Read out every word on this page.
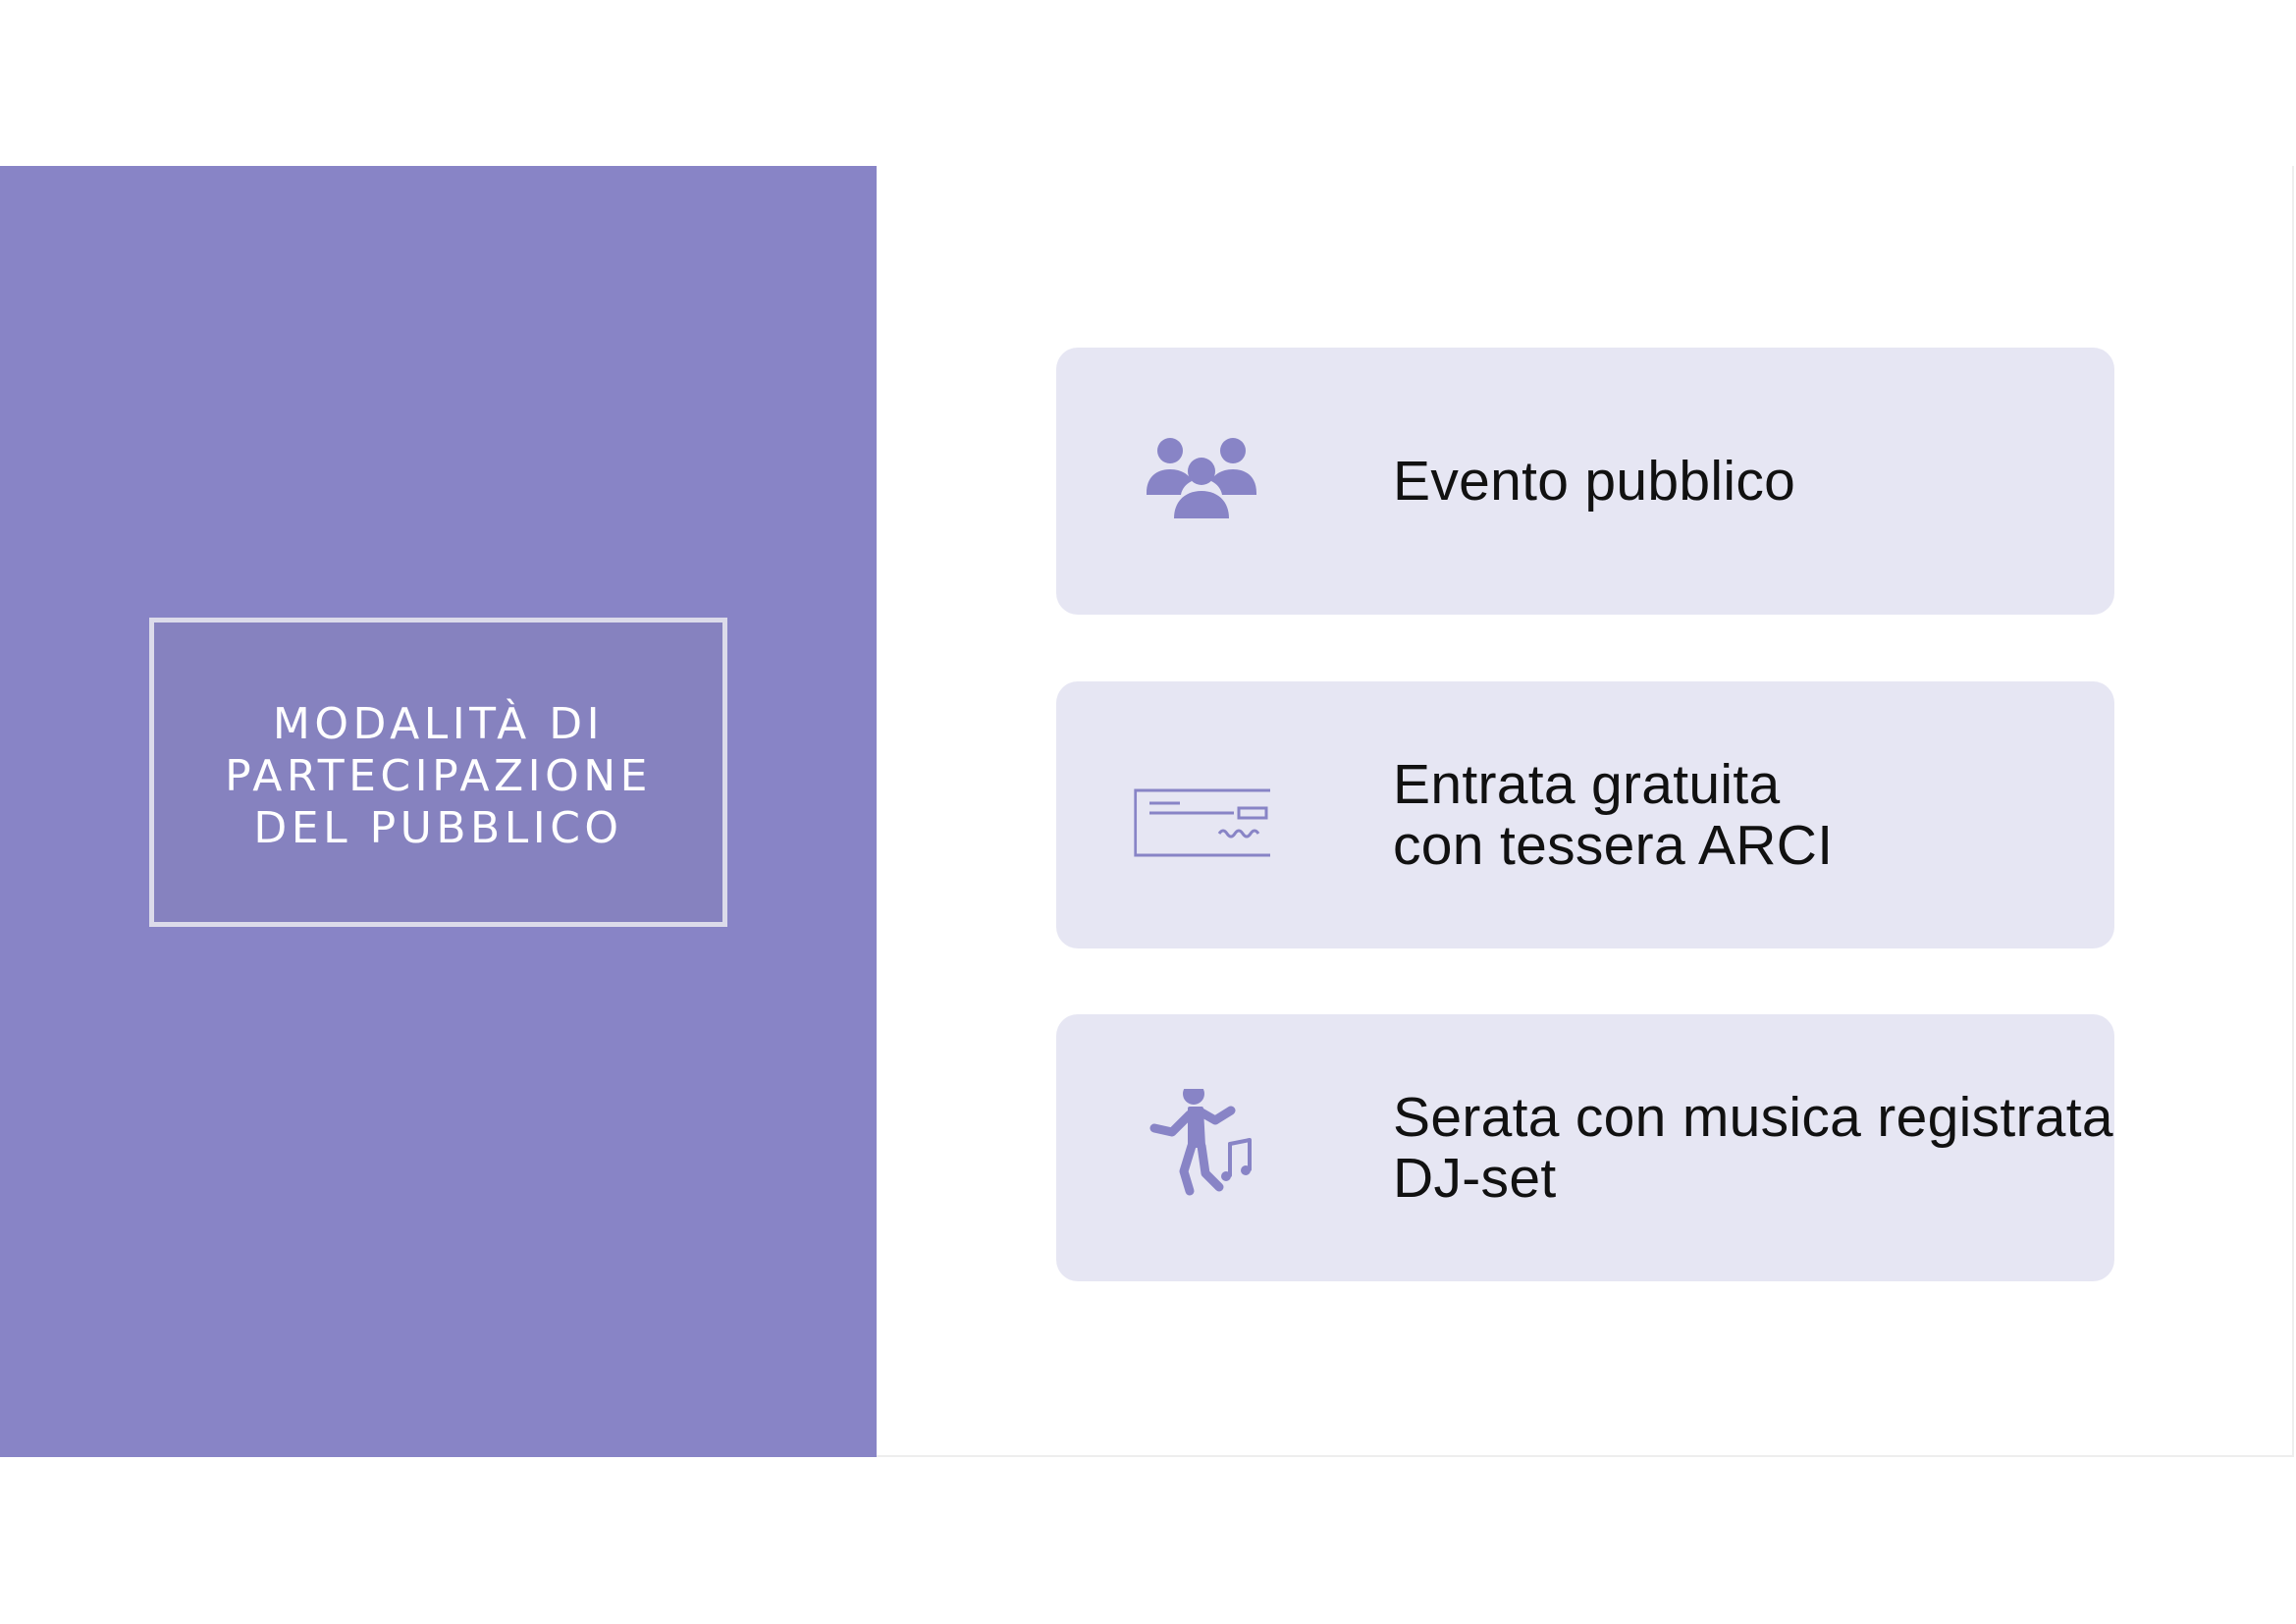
MODALITÀ DI
PARTECIPAZIONE
DEL PUBBLICO

Evento pubblico
Entrata gratuita
con tessera ARCI
Serata con musica registrata
DJ-set
